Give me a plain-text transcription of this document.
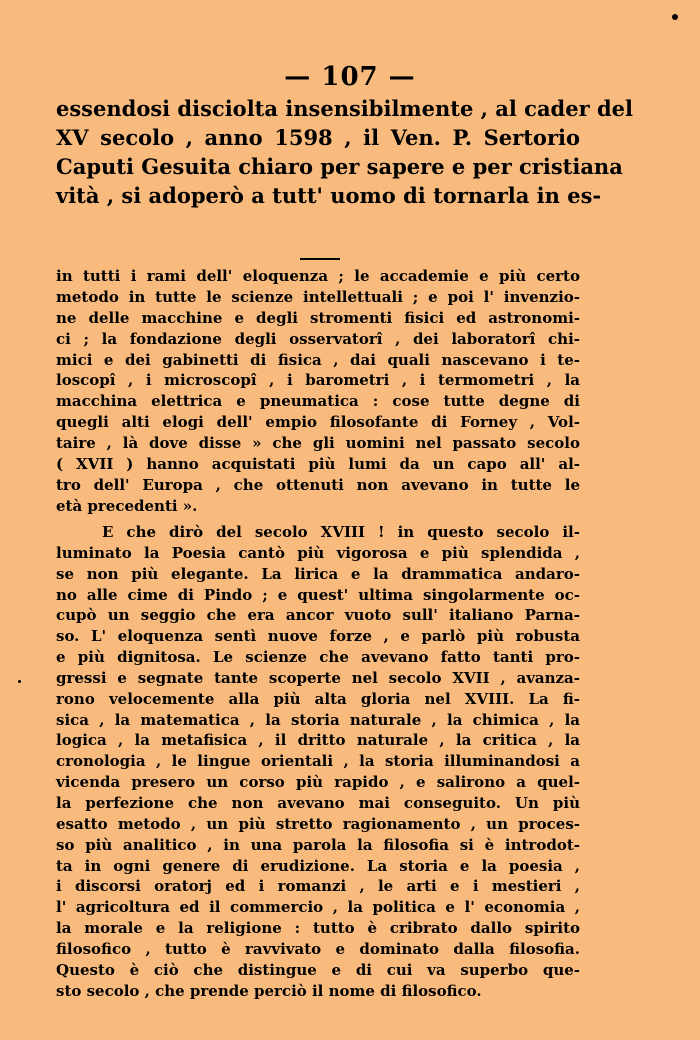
— 107 —
essendosi disciolta insensibilmente , al cader del
XV secolo , anno 1598 , il Ven. P. Sertorio
Caputi Gesuita chiaro per sapere e per cristiana
vità , si adoperò a tutt' uomo di tornarla in es-
in tutti i rami dell' eloquenza ; le accademie e più certo
metodo in tutte le scienze intellettuali ; e poi l' invenzio-
ne delle macchine e degli stromenti fisici ed astronomi-
ci ; la fondazione degli osservatorî , dei laboratorî chi-
mici e dei gabinetti di fisica , dai quali nascevano i te-
loscopî , i microscopî , i barometri , i termometri , la
macchina elettrica e pneumatica : cose tutte degne di
quegli alti elogi dell' empio filosofante di Forney , Vol-
taire , là dove disse » che gli uomini nel passato secolo
( XVII ) hanno acquistati più lumi da un capo all' al-
tro dell' Europa , che ottenuti non avevano in tutte le
età precedenti ».
E che dirò del secolo XVIII ! in questo secolo il-
luminato la Poesia cantò più vigorosa e più splendida ,
se non più elegante. La lirica e la drammatica andaro-
no alle cime di Pindo ; e quest' ultima singolarmente oc-
cupò un seggio che era ancor vuoto sull' italiano Parna-
so. L' eloquenza sentì nuove forze , e parlò più robusta
e più dignitosa. Le scienze che avevano fatto tanti pro-
gressi e segnate tante scoperte nel secolo XVII , avanza-
rono velocemente alla più alta gloria nel XVIII. La fi-
sica , la matematica , la storia naturale , la chimica , la
logica , la metafisica , il dritto naturale , la critica , la
cronologia , le lingue orientali , la storia illuminandosi a
vicenda presero un corso più rapido , e salirono a quel-
la perfezione che non avevano mai conseguito. Un più
esatto metodo , un più stretto ragionamento , un proces-
so più analitico , in una parola la filosofia si è introdot-
ta in ogni genere di erudizione. La storia e la poesia ,
i discorsi oratorj ed i romanzi , le arti e i mestieri ,
l' agricoltura ed il commercio , la politica e l' economia ,
la morale e la religione : tutto è cribrato dallo spirito
filosofico , tutto è ravvivato e dominato dalla filosofia.
Questo è ciò che distingue e di cui va superbo que-
sto secolo , che prende perciò il nome di filosofico.
